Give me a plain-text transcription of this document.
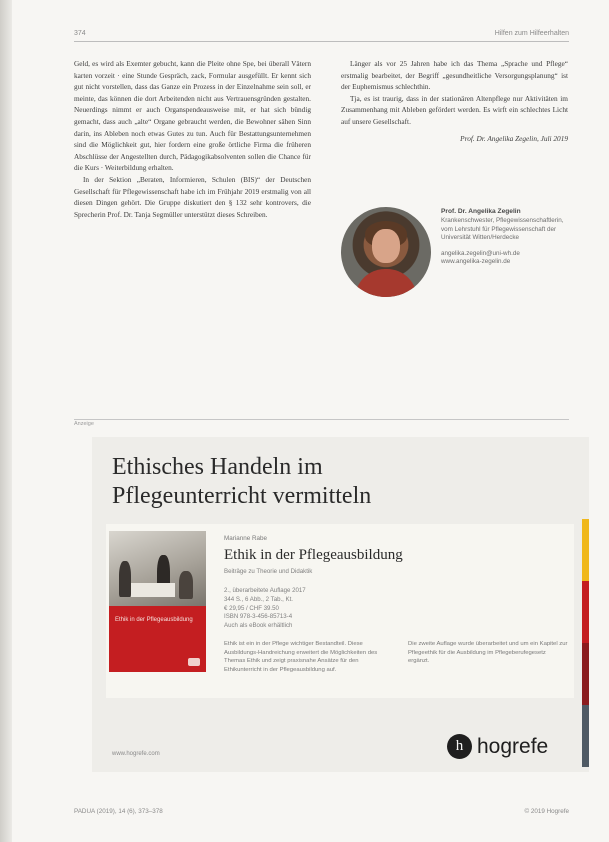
374	Hilfen zum Hilfeerhalten

Geld, es wird als Exemter gebucht, kann die Pleite ohne Spe, bei überall Vätern karten vorzeit · eine Stunde Gespräch, zack, Formular ausgefüllt. Er kennt sich gut nicht vorstellen, dass das Ganze ein Prozess in der Einzelnahme sein soll, er meinte, das können die dort Arbeitenden nicht aus Vertrauensgründen gestalten. Neuerdings nimmt er auch Organspendeausweise mit, er hat sich bündig gemacht, dass auch „alte“ Organe gebraucht werden, die Bewohner sähen Sinn darin, ins Ableben noch etwas Gutes zu tun. Auch für Bestattungsunternehmen sind die Möglichkeit gut, hier fordern eine große örtliche Firma die früheren Abschlüsse der Angestellten durch, Pädagogikabsolventen sollen die Chance für die Kurs · Weiterbildung erhalten.

In der Sektion „Beraten, Informieren, Schulen (BIS)“ der Deutschen Gesellschaft für Pflegewissenschaft habe ich im Frühjahr 2019 erstmalig von all diesen Dingen gehört. Die Gruppe diskutiert den § 132 sehr kontrovers, die Sprecherin Prof. Dr. Tanja Segmüller unterstützt dieses Schreiben.

Länger als vor 25 Jahren habe ich das Thema „Sprache und Pflege“ erstmalig bearbeitet, der Begriff „gesundheitliche Versorgungsplanung“ ist der Euphemismus schlechthin.

Tja, es ist traurig, dass in der stationären Altenpflege nur Aktivitäten im Zusammenhang mit Ableben gefördert werden. Es wirft ein schlechtes Licht auf unsere Gesellschaft.

Prof. Dr. Angelika Zegelin, Juli 2019

Prof. Dr. Angelika Zegelin
Krankenschwester, Pflegewissenschaftlerin, vom Lehrstuhl für Pflegewissenschaft der Universität Witten/Herdecke
angelika.zegelin@uni-wh.de
www.angelika-zegelin.de
Anzeige
Ethisches Handeln im
Pflegeunterricht vermitteln
Ethik in der Pflegeausbildung
Marianne Rabe
Ethik in der Pflegeausbildung
Beiträge zu Theorie und Didaktik
2., überarbeitete Auflage 2017
344 S., 6 Abb., 2 Tab., Kt.
€ 29,95 / CHF 39.50
ISBN 978-3-456-85713-4
Auch als eBook erhältlich
Ethik ist ein in der Pflege wichtiger Bestandteil. Diese Ausbildungs-Handreichung erweitert die Möglichkeiten des Themas Ethik und zeigt praxisnahe Ansätze für den Ethikunterricht in der Pflegeausbildung auf.
Die zweite Auflage wurde überarbeitet und um ein Kapitel zur Pflegeethik für die Ausbildung im Pflegeberufegesetz ergänzt.
www.hogrefe.com	h hogrefe
PADUA (2019), 14 (6), 373–378	© 2019 Hogrefe
